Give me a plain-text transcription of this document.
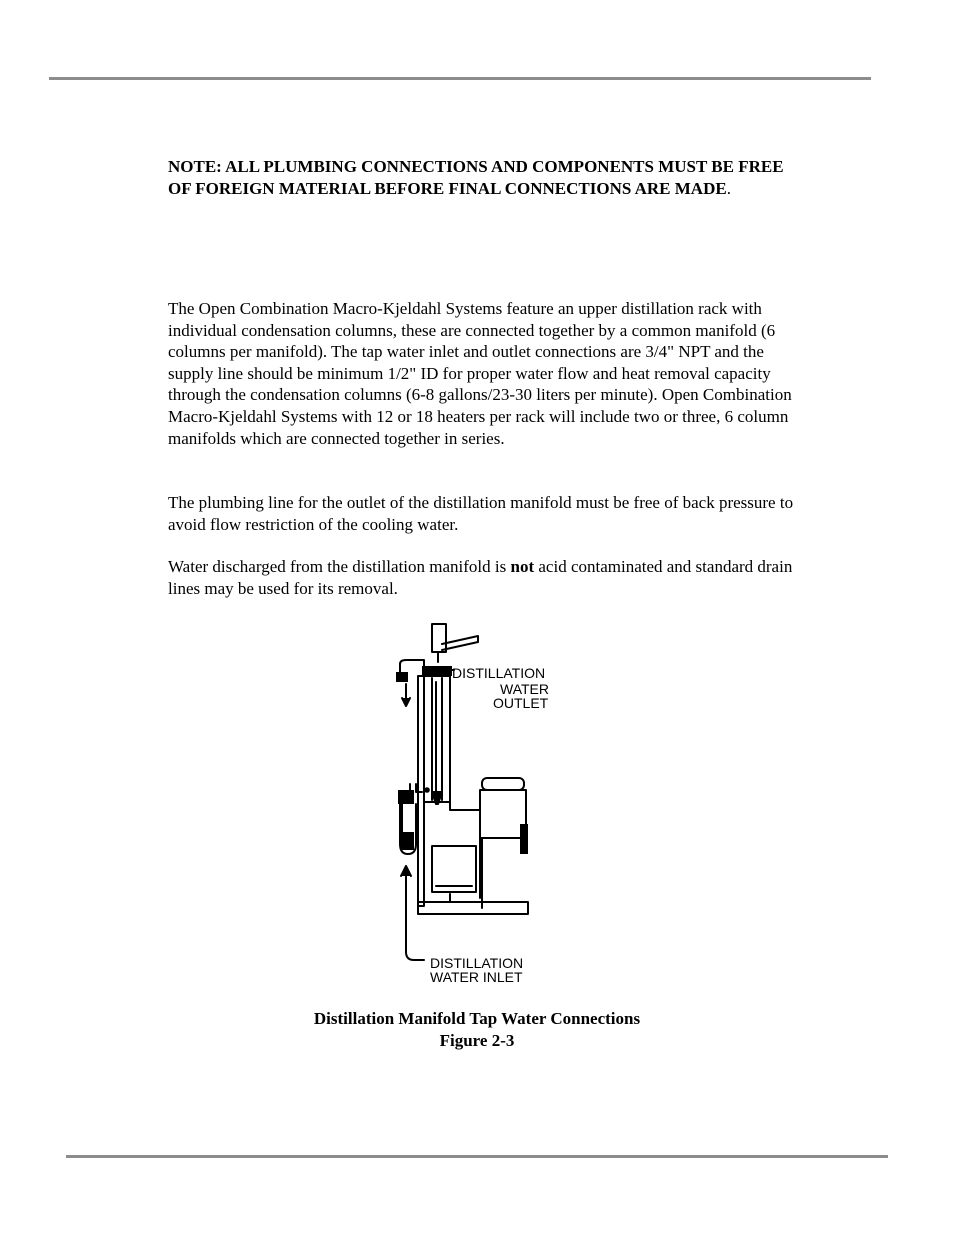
NOTE: ALL PLUMBING CONNECTIONS AND COMPONENTS MUST BE FREE OF FOREIGN MATERIAL BEFORE FINAL CONNECTIONS ARE MADE.

The Open Combination Macro-Kjeldahl Systems feature an upper distillation rack with individual condensation columns, these are connected together by a common manifold (6 columns per manifold). The tap water inlet and outlet connections are 3/4" NPT and the supply line should be minimum 1/2" ID for proper water flow and heat removal capacity through the condensation columns (6-8 gallons/23-30 liters per minute). Open Combination Macro-Kjeldahl Systems with 12 or 18 heaters per rack will include two or three, 6 column manifolds which are connected together in series.

The plumbing line for the outlet of the distillation manifold must be free of back pressure to avoid flow restriction of the cooling water.

Water discharged from the distillation manifold is not acid contaminated and standard drain lines may be used for its removal.

DISTILLATION
WATER
OUTLET
DISTILLATION
WATER INLET
Distillation Manifold Tap Water Connections
Figure 2-3
